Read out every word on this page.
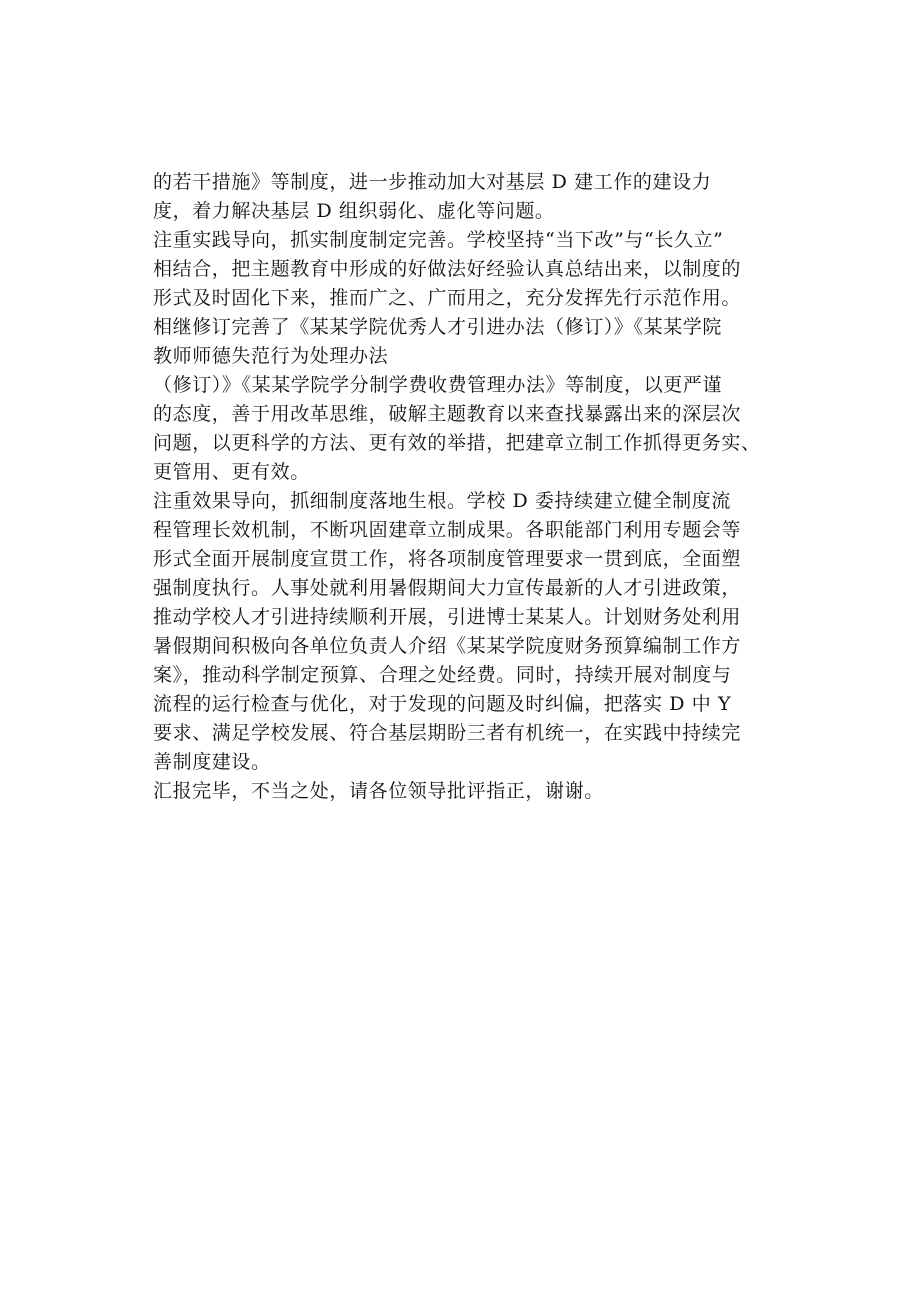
的若干措施》等制度，进一步推动加大对基层 D 建工作的建设力
度，着力解决基层 D 组织弱化、虚化等问题。
注重实践导向，抓实制度制定完善。学校坚持“当下改”与“长久立”
相结合，把主题教育中形成的好做法好经验认真总结出来，以制度的
形式及时固化下来，推而广之、广而用之，充分发挥先行示范作用。
相继修订完善了《某某学院优秀人才引进办法（修订）》《某某学院
教师师德失范行为处理办法
（修订）》《某某学院学分制学费收费管理办法》等制度，以更严谨
的态度，善于用改革思维，破解主题教育以来查找暴露出来的深层次
问题，以更科学的方法、更有效的举措，把建章立制工作抓得更务实、
更管用、更有效。
注重效果导向，抓细制度落地生根。学校 D 委持续建立健全制度流
程管理长效机制，不断巩固建章立制成果。各职能部门利用专题会等
形式全面开展制度宣贯工作，将各项制度管理要求一贯到底，全面塑
强制度执行。人事处就利用暑假期间大力宣传最新的人才引进政策，
推动学校人才引进持续顺利开展，引进博士某某人。计划财务处利用
暑假期间积极向各单位负责人介绍《某某学院度财务预算编制工作方
案》，推动科学制定预算、合理之处经费。同时，持续开展对制度与
流程的运行检查与优化，对于发现的问题及时纠偏，把落实 D 中 Y
要求、满足学校发展、符合基层期盼三者有机统一，在实践中持续完
善制度建设。
汇报完毕，不当之处，请各位领导批评指正，谢谢。
